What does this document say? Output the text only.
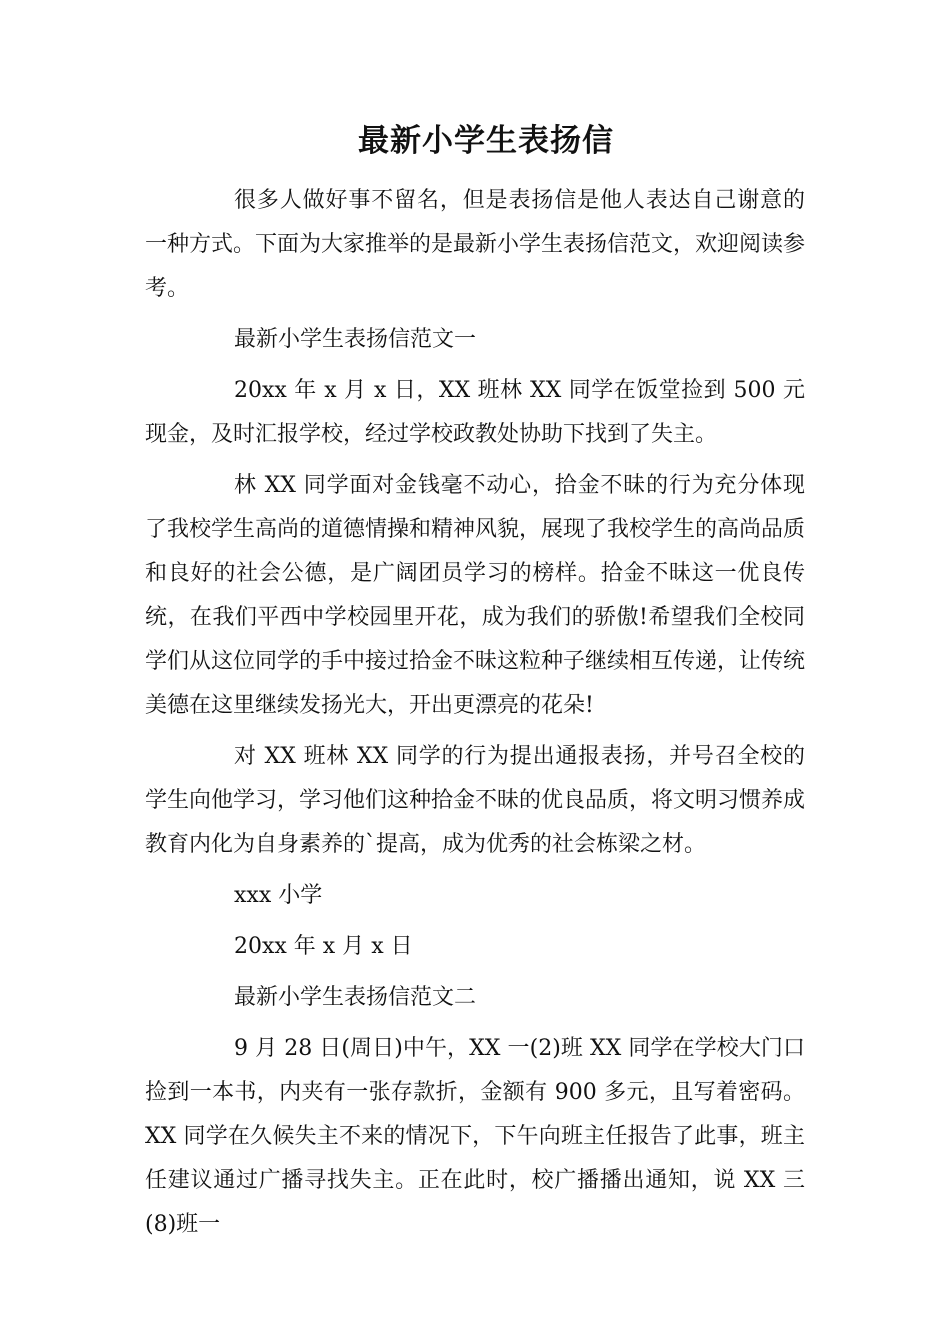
最新小学生表扬信

很多人做好事不留名，但是表扬信是他人表达自己谢意的一种方式。下面为大家推举的是最新小学生表扬信范文，欢迎阅读参考。

最新小学生表扬信范文一

20xx 年 x 月 x 日，XX 班林 XX 同学在饭堂捡到 500 元现金，及时汇报学校，经过学校政教处协助下找到了失主。

林 XX 同学面对金钱毫不动心，拾金不昧的行为充分体现了我校学生高尚的道德情操和精神风貌，展现了我校学生的高尚品质和良好的社会公德，是广阔团员学习的榜样。拾金不昧这一优良传统，在我们平西中学校园里开花，成为我们的骄傲!希望我们全校同学们从这位同学的手中接过拾金不昧这粒种子继续相互传递，让传统美德在这里继续发扬光大，开出更漂亮的花朵!

对 XX 班林 XX 同学的行为提出通报表扬，并号召全校的学生向他学习，学习他们这种拾金不昧的优良品质，将文明习惯养成教育内化为自身素养的`提高，成为优秀的社会栋梁之材。

xxx 小学

20xx 年 x 月 x 日

最新小学生表扬信范文二

9 月 28 日(周日)中午，XX 一(2)班 XX 同学在学校大门口捡到一本书，内夹有一张存款折，金额有 900 多元，且写着密码。XX 同学在久候失主不来的情况下，下午向班主任报告了此事，班主任建议通过广播寻找失主。正在此时，校广播播出通知，说 XX 三(8)班一
